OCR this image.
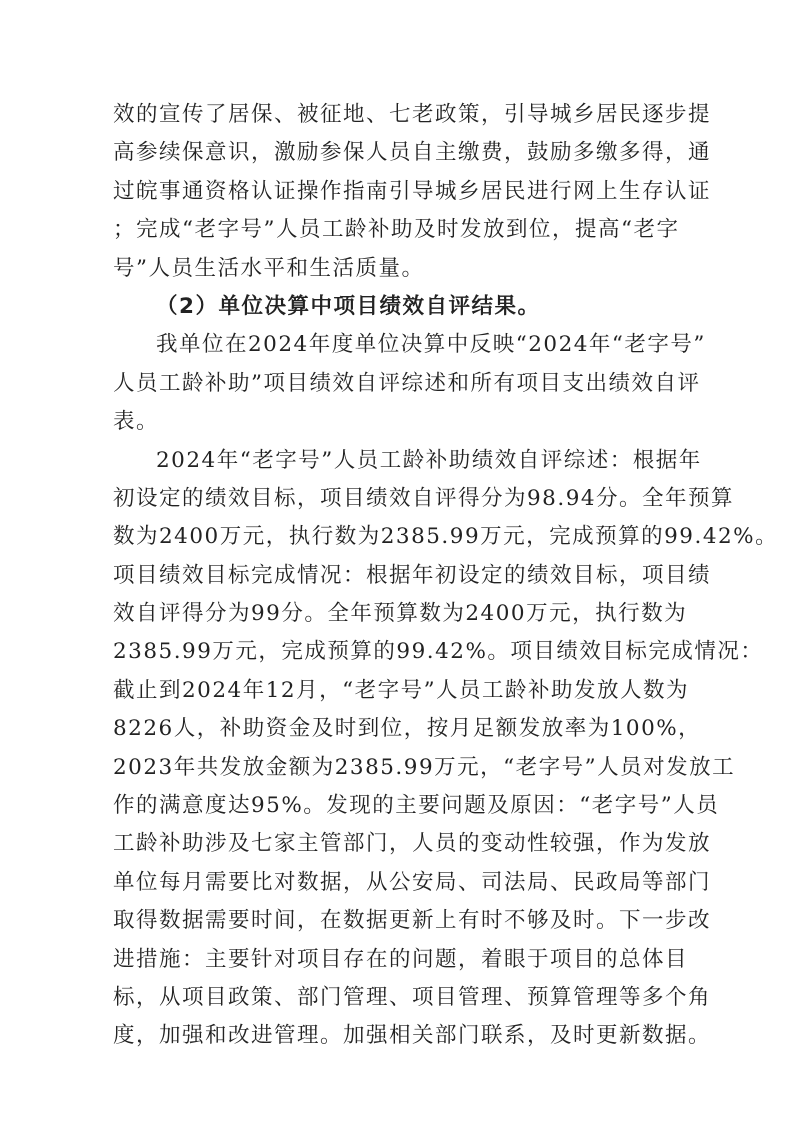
效的宣传了居保、被征地、七老政策，引导城乡居民逐步提
高参续保意识，激励参保人员自主缴费，鼓励多缴多得，通
过皖事通资格认证操作指南引导城乡居民进行网上生存认证
；完成“老字号”人员工龄补助及时发放到位，提高“老字
号”人员生活水平和生活质量。
（2）单位决算中项目绩效自评结果。
我单位在2024年度单位决算中反映“2024年“老字号”
人员工龄补助”项目绩效自评综述和所有项目支出绩效自评
表。
2024年“老字号”人员工龄补助绩效自评综述：根据年
初设定的绩效目标，项目绩效自评得分为98.94分。全年预算
数为2400万元，执行数为2385.99万元，完成预算的99.42%。
项目绩效目标完成情况：根据年初设定的绩效目标，项目绩
效自评得分为99分。全年预算数为2400万元，执行数为
2385.99万元，完成预算的99.42%。项目绩效目标完成情况：
截止到2024年12月，“老字号”人员工龄补助发放人数为
8226人，补助资金及时到位，按月足额发放率为100%，
2023年共发放金额为2385.99万元，“老字号”人员对发放工
作的满意度达95%。发现的主要问题及原因：“老字号”人员
工龄补助涉及七家主管部门，人员的变动性较强，作为发放
单位每月需要比对数据，从公安局、司法局、民政局等部门
取得数据需要时间，在数据更新上有时不够及时。下一步改
进措施：主要针对项目存在的问题，着眼于项目的总体目
标，从项目政策、部门管理、项目管理、预算管理等多个角
度，加强和改进管理。加强相关部门联系，及时更新数据。
